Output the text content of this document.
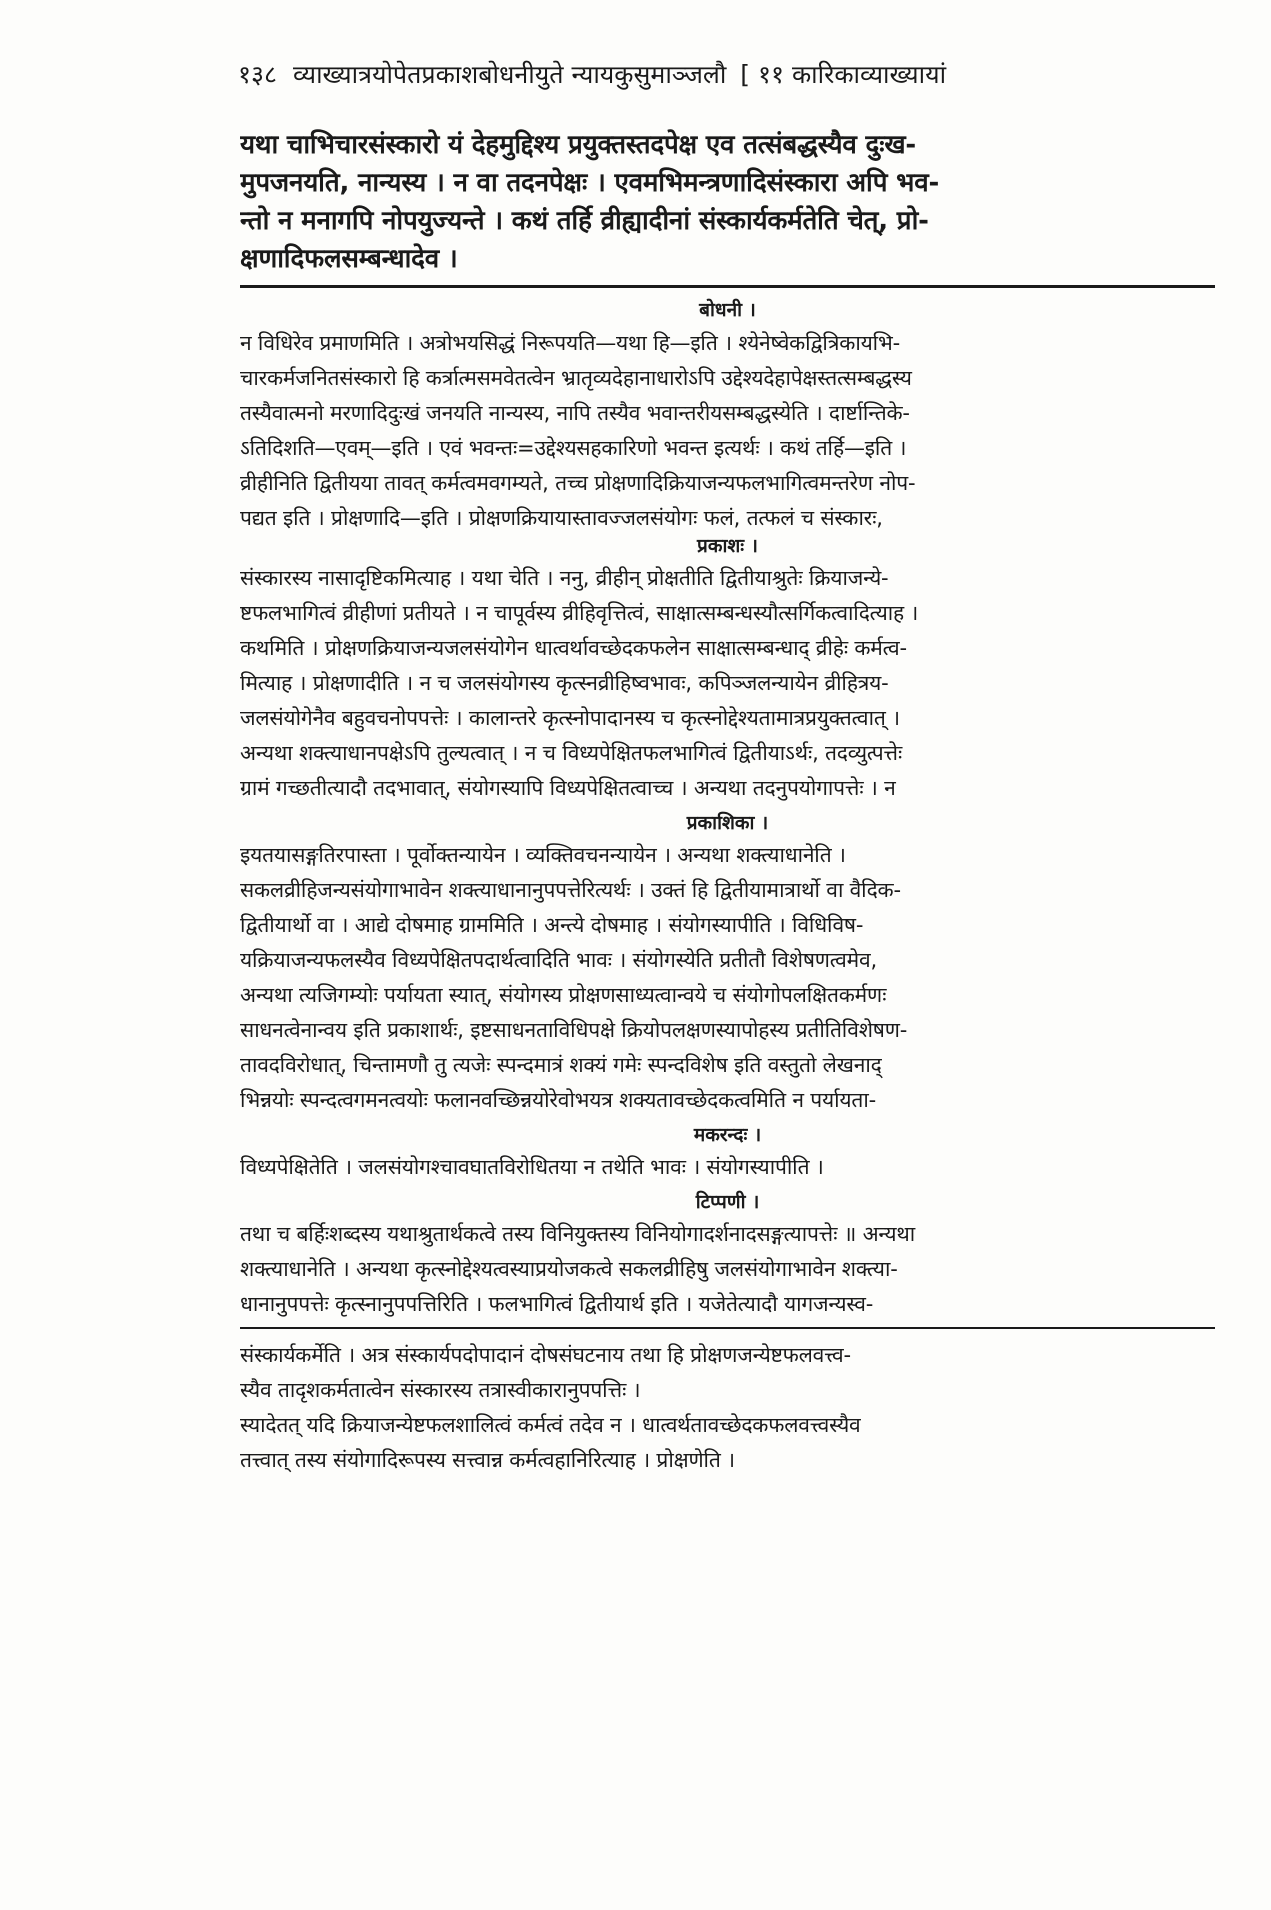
१३८ व्याख्यात्रयोपेतप्रकाशबोधनीयुते न्यायकुसुमाञ्जलौ [ ११ कारिकाव्याख्यायां
यथा चाभिचारसंस्कारो यं देहमुद्दिश्य प्रयुक्तस्तदपेक्ष एव तत्संबद्धस्यैव दुःख-
मुपजनयति, नान्यस्य । न वा तदनपेक्षः । एवमभिमन्त्रणादिसंस्कारा अपि भव-
न्तो न मनागपि नोपयुज्यन्ते । कथं तर्हि व्रीह्यादीनां संस्कार्यकर्मतेति चेत्, प्रो-
क्षणादिफलसम्बन्धादेव ।
बोधनी ।
न विधिरेव प्रमाणमिति । अत्रोभयसिद्धं निरूपयति—यथा हि—इति । श्येनेष्वेकद्वित्रिकायभि-
चारकर्मजनितसंस्कारो हि कर्त्रात्मसमवेतत्वेन भ्रातृव्यदेहानाधारोऽपि उद्देश्यदेहापेक्षस्तत्सम्बद्धस्य
तस्यैवात्मनो मरणादिदुःखं जनयति नान्यस्य, नापि तस्यैव भवान्तरीयसम्बद्धस्येति । दार्ष्टान्तिके-
ऽतिदिशति—एवम्—इति । एवं भवन्तः=उद्देश्यसहकारिणो भवन्त इत्यर्थः । कथं तर्हि—इति ।
व्रीहीनिति द्वितीयया तावत् कर्मत्वमवगम्यते, तच्च प्रोक्षणादिक्रियाजन्यफलभागित्वमन्तरेण नोप-
पद्यत इति । प्रोक्षणादि—इति । प्रोक्षणक्रियायास्तावज्जलसंयोगः फलं, तत्फलं च संस्कारः,
प्रकाशः ।
संस्कारस्य नासादृष्टिकमित्याह । यथा चेति । ननु, व्रीहीन् प्रोक्षतीति द्वितीयाश्रुतेः क्रियाजन्ये-
ष्टफलभागित्वं व्रीहीणां प्रतीयते । न चापूर्वस्य व्रीहिवृत्तित्वं, साक्षात्सम्बन्धस्यौत्सर्गिकत्वादित्याह ।
कथमिति । प्रोक्षणक्रियाजन्यजलसंयोगेन धात्वर्थावच्छेदकफलेन साक्षात्सम्बन्धाद् व्रीहेः कर्मत्व-
मित्याह । प्रोक्षणादीति । न च जलसंयोगस्य कृत्स्नव्रीहिष्वभावः, कपिञ्जलन्यायेन व्रीहित्रय-
जलसंयोगेनैव बहुवचनोपपत्तेः । कालान्तरे कृत्स्नोपादानस्य च कृत्स्नोद्देश्यतामात्रप्रयुक्तत्वात् ।
अन्यथा शक्त्याधानपक्षेऽपि तुल्यत्वात् । न च विध्यपेक्षितफलभागित्वं द्वितीयाऽर्थः, तदव्युत्पत्तेः
ग्रामं गच्छतीत्यादौ तदभावात्, संयोगस्यापि विध्यपेक्षितत्वाच्च । अन्यथा तदनुपयोगापत्तेः । न
प्रकाशिका ।
इयतयासङ्गतिरपास्ता । पूर्वोक्तन्यायेन । व्यक्तिवचनन्यायेन । अन्यथा शक्त्याधानेति ।
सकलव्रीहिजन्यसंयोगाभावेन शक्त्याधानानुपपत्तेरित्यर्थः । उक्तं हि द्वितीयामात्रार्थो वा वैदिक-
द्वितीयार्थो वा । आद्ये दोषमाह ग्राममिति । अन्त्ये दोषमाह । संयोगस्यापीति । विधिविष-
यक्रियाजन्यफलस्यैव विध्यपेक्षितपदार्थत्वादिति भावः । संयोगस्येति प्रतीतौ विशेषणत्वमेव,
अन्यथा त्यजिगम्योः पर्यायता स्यात्, संयोगस्य प्रोक्षणसाध्यत्वान्वये च संयोगोपलक्षितकर्मणः
साधनत्वेनान्वय इति प्रकाशार्थः, इष्टसाधनताविधिपक्षे क्रियोपलक्षणस्यापोहस्य प्रतीतिविशेषण-
तावदविरोधात्, चिन्तामणौ तु त्यजेः स्पन्दमात्रं शक्यं गमेः स्पन्दविशेष इति वस्तुतो लेखनाद्
भिन्नयोः स्पन्दत्वगमनत्वयोः फलानवच्छिन्नयोरेवोभयत्र शक्यतावच्छेदकत्वमिति न पर्यायता-
मकरन्दः ।
विध्यपेक्षितेति । जलसंयोगश्चावघातविरोधितया न तथेति भावः । संयोगस्यापीति ।
टिप्पणी ।
तथा च बर्हिःशब्दस्य यथाश्रुतार्थकत्वे तस्य विनियुक्तस्य विनियोगादर्शनादसङ्गत्यापत्तेः ॥ अन्यथा
शक्त्याधानेति । अन्यथा कृत्स्नोद्देश्यत्वस्याप्रयोजकत्वे सकलव्रीहिषु जलसंयोगाभावेन शक्त्या-
धानानुपपत्तेः कृत्स्नानुपपत्तिरिति । फलभागित्वं द्वितीयार्थ इति । यजेतेत्यादौ यागजन्यस्व-
संस्कार्यकर्मेति । अत्र संस्कार्यपदोपादानं दोषसंघटनाय तथा हि प्रोक्षणजन्येष्टफलवत्त्व-
स्यैव तादृशकर्मतात्वेन संस्कारस्य तत्रास्वीकारानुपपत्तिः ।
स्यादेतत् यदि क्रियाजन्येष्टफलशालित्वं कर्मत्वं तदेव न । धात्वर्थतावच्छेदकफलवत्त्वस्यैव
तत्त्वात् तस्य संयोगादिरूपस्य सत्त्वान्न कर्मत्वहानिरित्याह । प्रोक्षणेति ।
